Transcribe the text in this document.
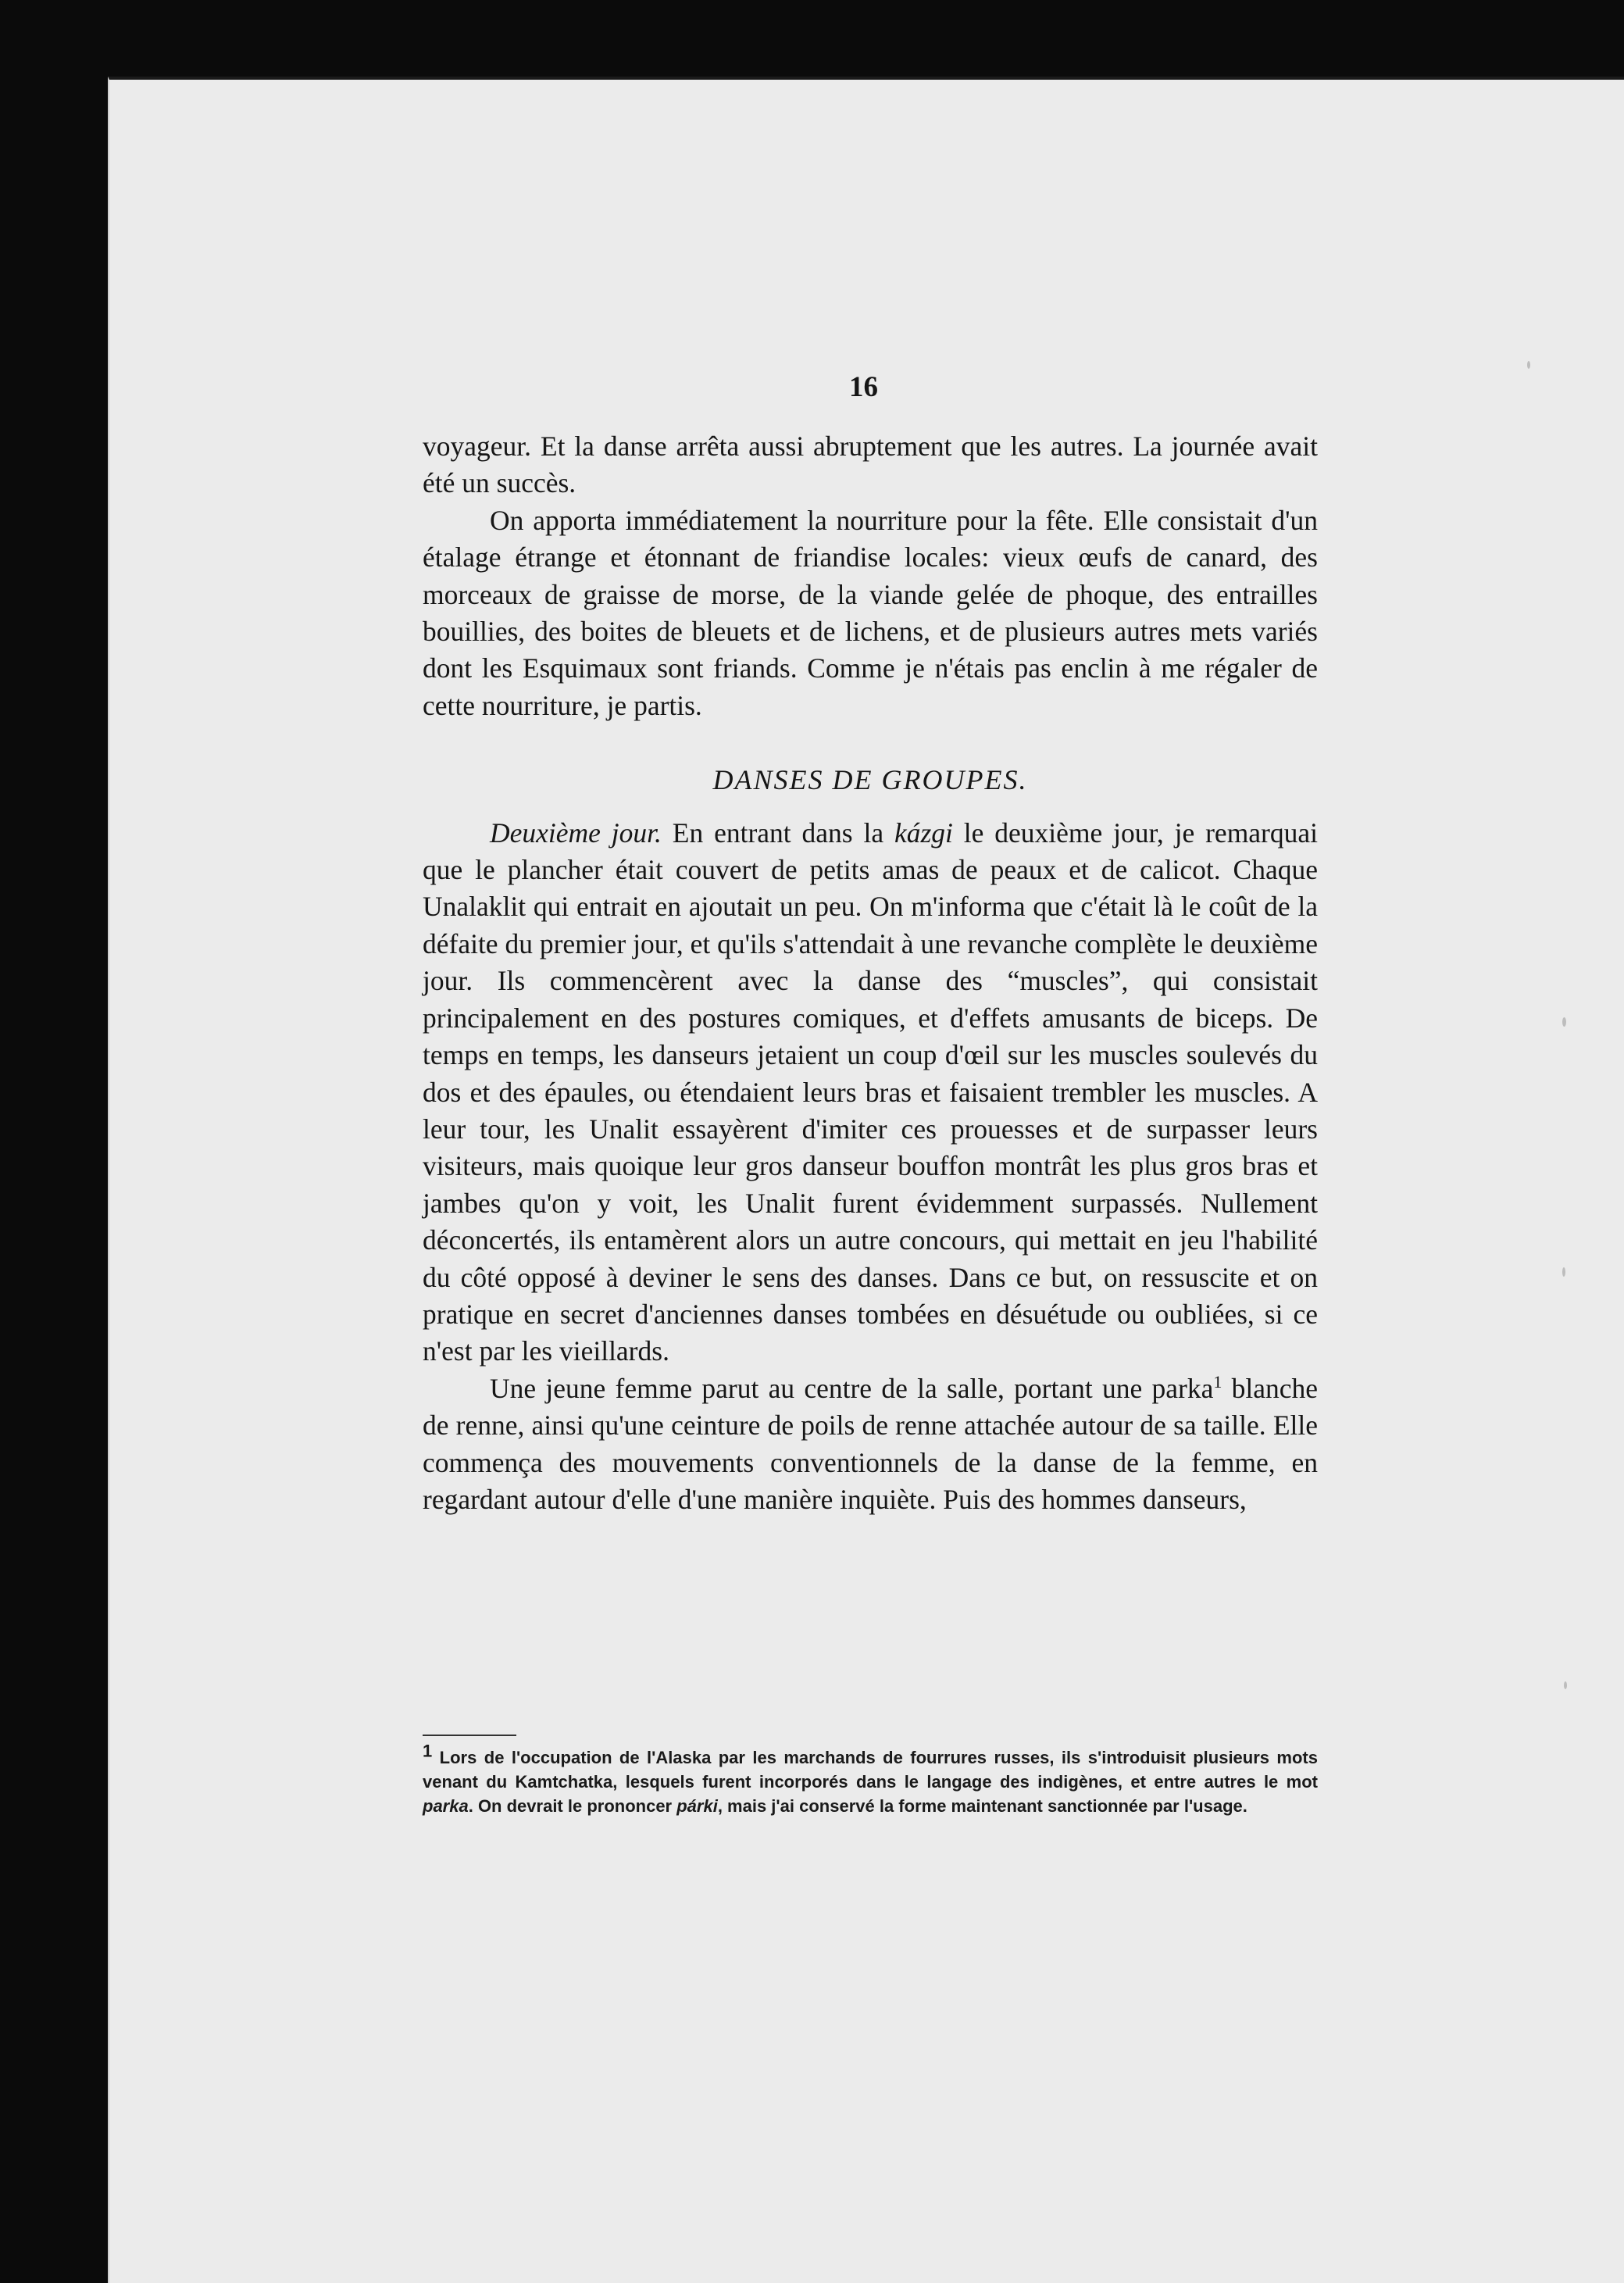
16

voyageur. Et la danse arrêta aussi abruptement que les autres. La journée avait été un succès.

On apporta immédiatement la nourriture pour la fête. Elle consistait d'un étalage étrange et étonnant de friandise locales: vieux œufs de canard, des morceaux de graisse de morse, de la viande gelée de phoque, des entrailles bouillies, des boites de bleuets et de lichens, et de plusieurs autres mets variés dont les Esquimaux sont friands. Comme je n'étais pas enclin à me régaler de cette nourriture, je partis.

DANSES DE GROUPES.

Deuxième jour. En entrant dans la kázgi le deuxième jour, je remarquai que le plancher était couvert de petits amas de peaux et de calicot. Chaque Unalaklit qui entrait en ajoutait un peu. On m'informa que c'était là le coût de la défaite du premier jour, et qu'ils s'attendait à une revanche complète le deuxième jour. Ils commencèrent avec la danse des “muscles”, qui consistait principalement en des postures comiques, et d'effets amusants de biceps. De temps en temps, les danseurs jetaient un coup d'œil sur les muscles soulevés du dos et des épaules, ou étendaient leurs bras et faisaient trembler les muscles. A leur tour, les Unalit essayèrent d'imiter ces prouesses et de surpasser leurs visiteurs, mais quoique leur gros danseur bouffon montrât les plus gros bras et jambes qu'on y voit, les Unalit furent évidemment surpassés. Nullement déconcertés, ils entamèrent alors un autre concours, qui mettait en jeu l'habilité du côté opposé à deviner le sens des danses. Dans ce but, on ressuscite et on pratique en secret d'anciennes danses tombées en désuétude ou oubliées, si ce n'est par les vieillards.

Une jeune femme parut au centre de la salle, portant une parka$^1$ blanche de renne, ainsi qu'une ceinture de poils de renne attachée autour de sa taille. Elle commença des mouvements conventionnels de la danse de la femme, en regardant autour d'elle d'une manière inquiète. Puis des hommes danseurs,

$^1$ Lors de l'occupation de l'Alaska par les marchands de fourrures russes, ils s'introduisit plusieurs mots venant du Kamtchatka, lesquels furent incorporés dans le langage des indigènes, et entre autres le mot parka. On devrait le prononcer párki, mais j'ai conservé la forme maintenant sanctionnée par l'usage.
